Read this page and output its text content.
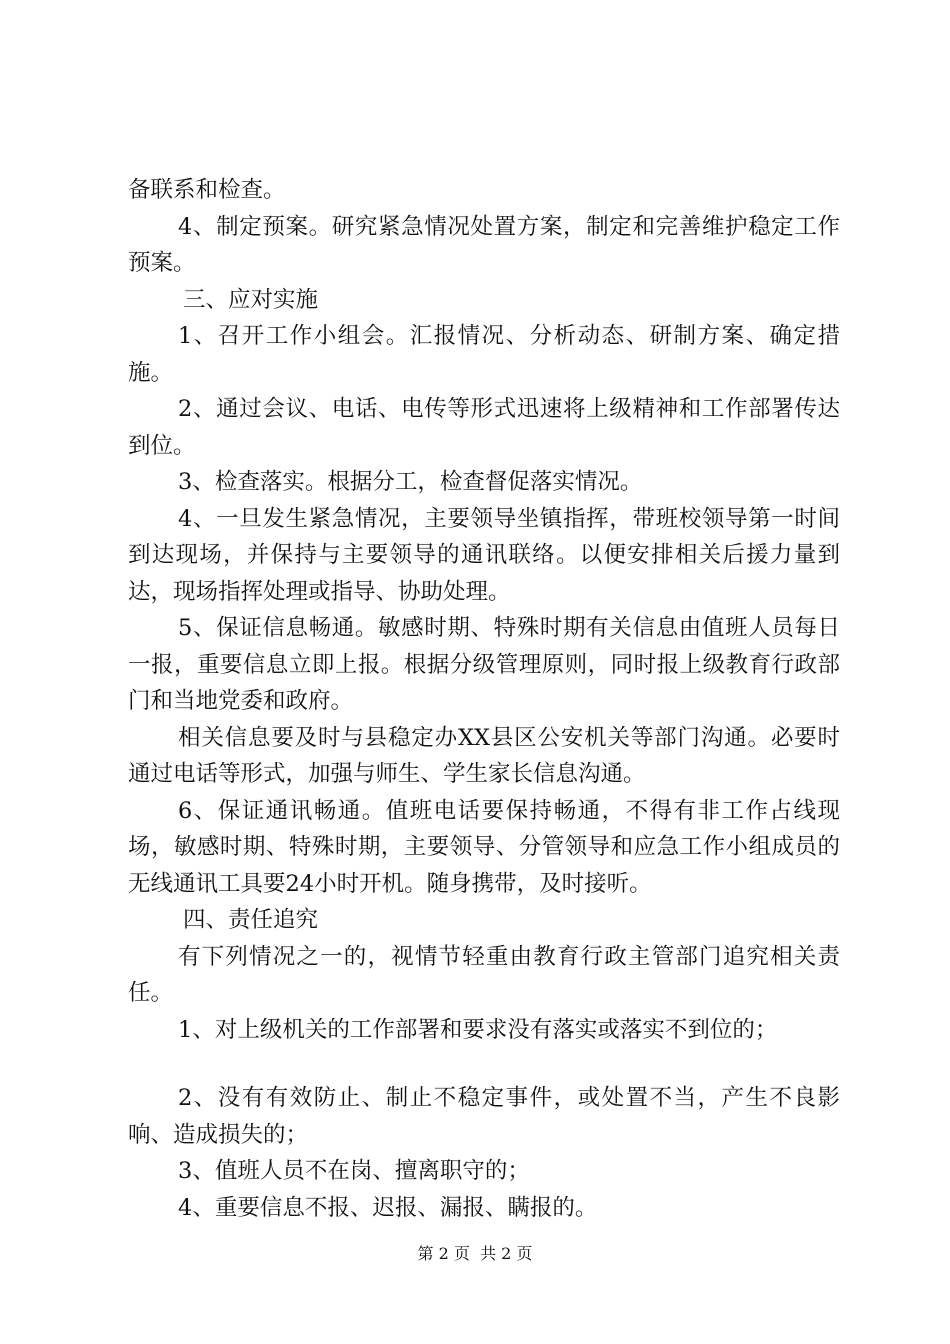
备联系和检查。

4、制定预案。研究紧急情况处置方案，制定和完善维护稳定工作预案。

三、应对实施

1、召开工作小组会。汇报情况、分析动态、研制方案、确定措施。

2、通过会议、电话、电传等形式迅速将上级精神和工作部署传达到位。

3、检查落实。根据分工，检查督促落实情况。

4、一旦发生紧急情况，主要领导坐镇指挥，带班校领导第一时间到达现场，并保持与主要领导的通讯联络。以便安排相关后援力量到达，现场指挥处理或指导、协助处理。

5、保证信息畅通。敏感时期、特殊时期有关信息由值班人员每日一报，重要信息立即上报。根据分级管理原则，同时报上级教育行政部门和当地党委和政府。

相关信息要及时与县稳定办XX县区公安机关等部门沟通。必要时通过电话等形式，加强与师生、学生家长信息沟通。

6、保证通讯畅通。值班电话要保持畅通，不得有非工作占线现场，敏感时期、特殊时期，主要领导、分管领导和应急工作小组成员的无线通讯工具要24小时开机。随身携带，及时接听。

四、责任追究

有下列情况之一的，视情节轻重由教育行政主管部门追究相关责任。

1、对上级机关的工作部署和要求没有落实或落实不到位的；

2、没有有效防止、制止不稳定事件，或处置不当，产生不良影响、造成损失的；

3、值班人员不在岗、擅离职守的；

4、重要信息不报、迟报、漏报、瞒报的。

第 2 页  共 2 页
